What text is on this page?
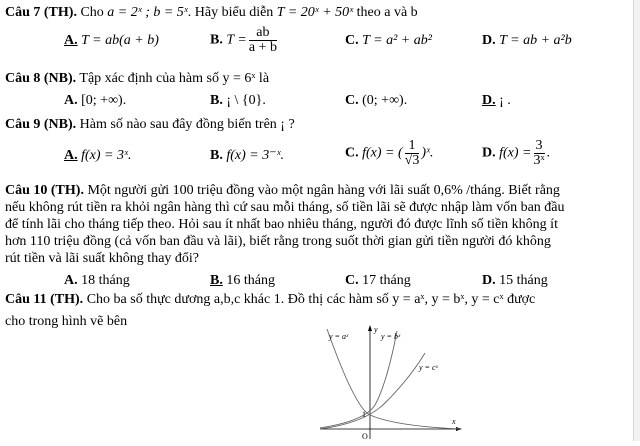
Câu 7 (TH). Cho a = 2ˣ ; b = 5ˣ. Hãy biểu diễn T = 20ˣ + 50ˣ theo a và b
A. T = ab(a + b)	B. $T = \frac{ab}{a + b}$	C. T = a² + ab²	D. T = ab + a²b
Câu 8 (NB). Tập xác định của hàm số y = 6ˣ là
A. [0; +∞).	B. ¡ \ {0}.	C. (0; +∞).	D. ¡ .
Câu 9 (NB). Hàm số nào sau đây đồng biến trên ¡ ?
A. f(x) = 3ˣ.	B. f(x) = 3⁻ˣ.	C. f(x) = ( $\frac{1}{√3}$ )ˣ.	D. $f(x) = \frac{3}{\text{3ˣ}}$ .
Câu 10 (TH). Một người gửi 100 triệu đồng vào một ngân hàng với lãi suất 0,6% /tháng. Biết rằng
nếu không rút tiền ra khỏi ngân hàng thì cứ sau mỗi tháng, số tiền lãi sẽ được nhập làm vốn ban đầu
để tính lãi cho tháng tiếp theo. Hỏi sau ít nhất bao nhiêu tháng, người đó được lĩnh số tiền không ít
hơn 110 triệu đồng (cả vốn ban đầu và lãi), biết rằng trong suốt thời gian gửi tiền người đó không
rút tiền và lãi suất không thay đổi?
A. 18 tháng	B. 16 tháng	C. 17 tháng	D. 15 tháng
Câu 11 (TH). Cho ba số thực dương a,b,c khác 1. Đồ thị các hàm số y = aˣ, y = bˣ, y = cˣ được
cho trong hình vẽ bên
y = aˣ	y = bˣ
y = cˣ
y
x
O
1
